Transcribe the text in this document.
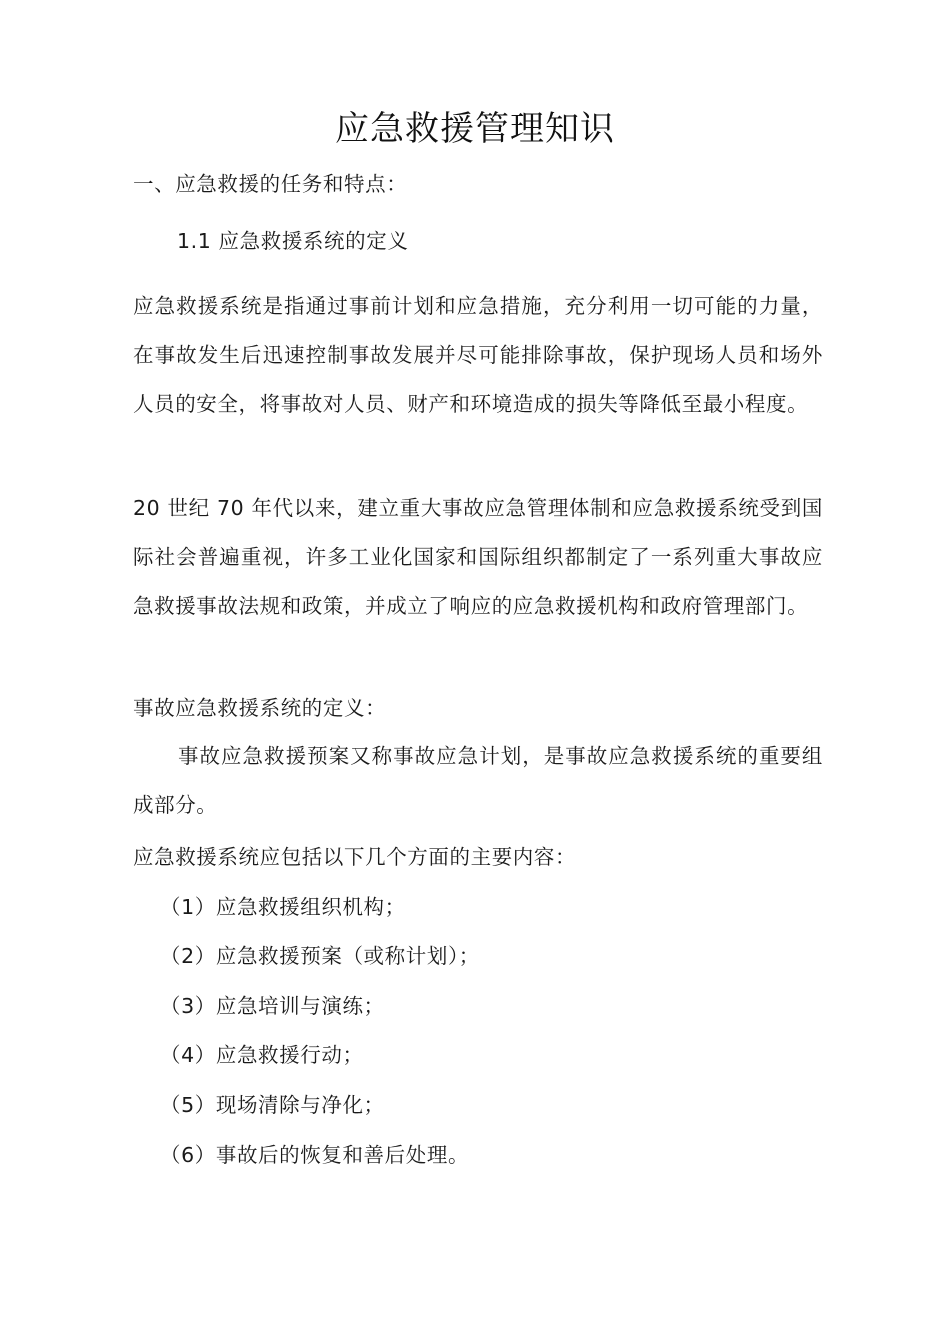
应急救援管理知识
一、应急救援的任务和特点：
1.1 应急救援系统的定义
应急救援系统是指通过事前计划和应急措施，充分利用一切可能的力量，在事故发生后迅速控制事故发展并尽可能排除事故，保护现场人员和场外人员的安全，将事故对人员、财产和环境造成的损失等降低至最小程度。
20 世纪 70 年代以来，建立重大事故应急管理体制和应急救援系统受到国际社会普遍重视，许多工业化国家和国际组织都制定了一系列重大事故应急救援事故法规和政策，并成立了响应的应急救援机构和政府管理部门。
事故应急救援系统的定义：
事故应急救援预案又称事故应急计划，是事故应急救援系统的重要组成部分。
应急救援系统应包括以下几个方面的主要内容：
（1）应急救援组织机构；
（2）应急救援预案（或称计划）；
（3）应急培训与演练；
（4）应急救援行动；
（5）现场清除与净化；
（6）事故后的恢复和善后处理。
